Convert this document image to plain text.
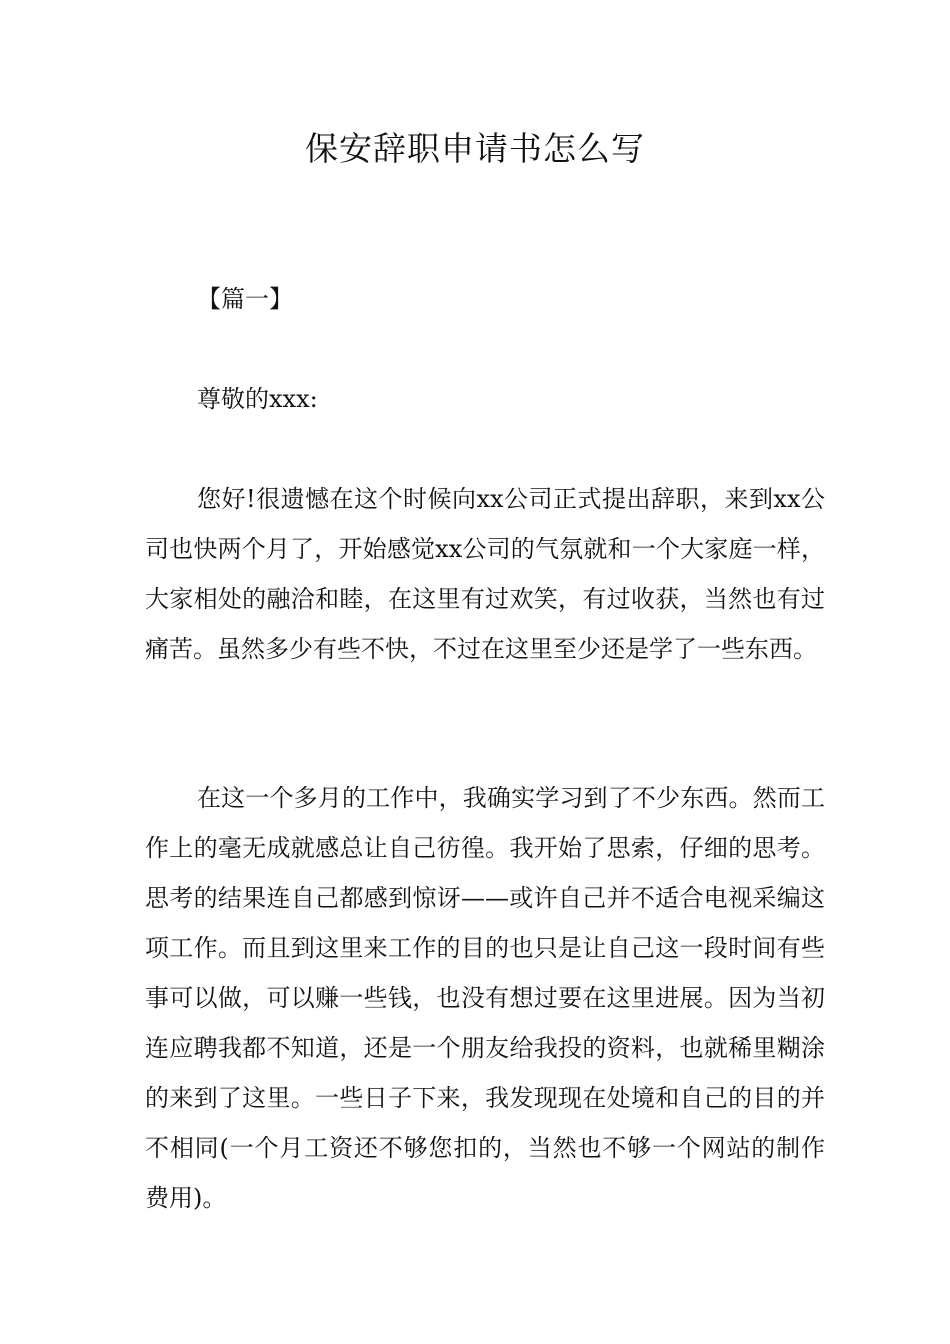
保安辞职申请书怎么写
【篇一】
尊敬的xxx:

您好!很遗憾在这个时候向xx公司正式提出辞职，来到xx公司也快两个月了，开始感觉xx公司的气氛就和一个大家庭一样，大家相处的融洽和睦，在这里有过欢笑，有过收获，当然也有过痛苦。虽然多少有些不快，不过在这里至少还是学了一些东西。

在这一个多月的工作中，我确实学习到了不少东西。然而工作上的毫无成就感总让自己彷徨。我开始了思索，仔细的思考。思考的结果连自己都感到惊讶——或许自己并不适合电视采编这项工作。而且到这里来工作的目的也只是让自己这一段时间有些事可以做，可以赚一些钱，也没有想过要在这里进展。因为当初连应聘我都不知道，还是一个朋友给我投的资料，也就稀里糊涂的来到了这里。一些日子下来，我发现现在处境和自己的目的并不相同(一个月工资还不够您扣的，当然也不够一个网站的制作费用)。
